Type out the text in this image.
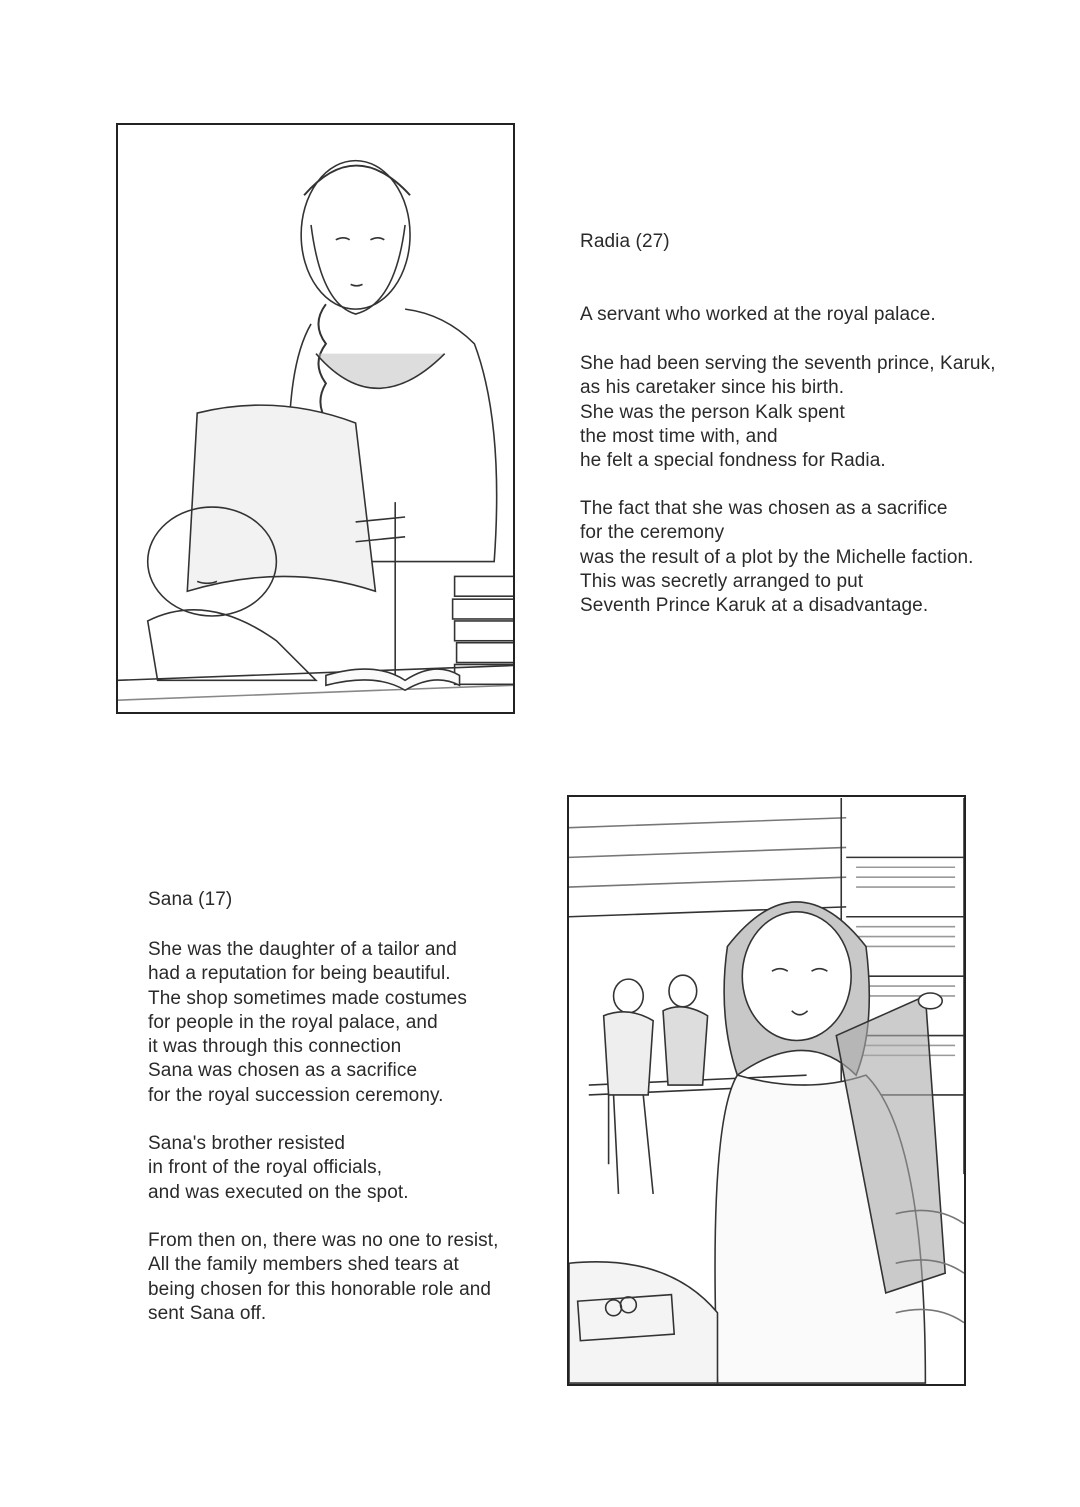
Radia (27)
A servant who worked at the royal palace.
She had been serving the seventh prince, Karuk,
as his caretaker since his birth.
She was the person Kalk spent
the most time with, and
he felt a special fondness for Radia.
The fact that she was chosen as a sacrifice
for the ceremony
was the result of a plot by the Michelle faction.
This was secretly arranged to put
Seventh Prince Karuk at a disadvantage.
Sana (17)
She was the daughter of a tailor and
had a reputation for being beautiful.
The shop sometimes made costumes
for people in the royal palace, and
it was through this connection
Sana was chosen as a sacrifice
for the royal succession ceremony.
Sana's brother resisted
in front of the royal officials,
and was executed on the spot.
From then on, there was no one to resist,
All the family members shed tears at
being chosen for this honorable role and
sent Sana off.
